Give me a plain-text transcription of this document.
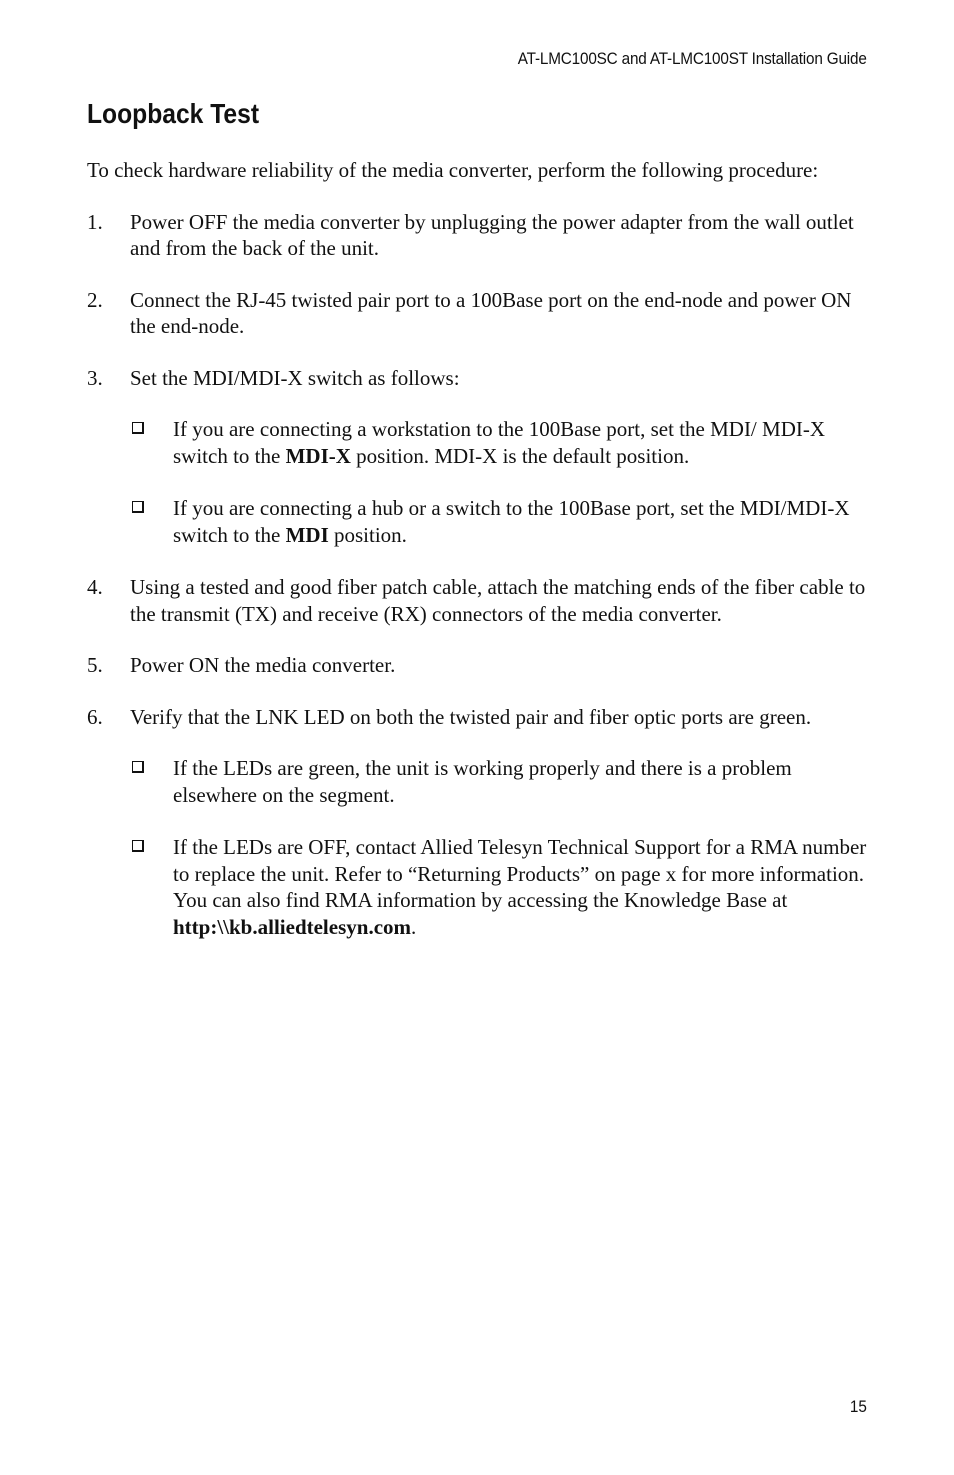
AT-LMC100SC and AT-LMC100ST Installation Guide
Loopback Test

To check hardware reliability of the media converter, perform the following procedure:

1. Power OFF the media converter by unplugging the power adapter from the wall outlet and from the back of the unit.

2. Connect the RJ-45 twisted pair port to a 100Base port on the end-node and power ON the end-node.

3. Set the MDI/MDI-X switch as follows:

If you are connecting a workstation to the 100Base port, set the MDI/ MDI-X switch to the MDI-X position. MDI-X is the default position.

If you are connecting a hub or a switch to the 100Base port, set the MDI/MDI-X switch to the MDI position.

4. Using a tested and good fiber patch cable, attach the matching ends of the fiber cable to the transmit (TX) and receive (RX) connectors of the media converter.

5. Power ON the media converter.

6. Verify that the LNK LED on both the twisted pair and fiber optic ports are green.

If the LEDs are green, the unit is working properly and there is a problem elsewhere on the segment.

If the LEDs are OFF, contact Allied Telesyn Technical Support for a RMA number to replace the unit. Refer to “Returning Products” on page x for more information. You can also find RMA information by accessing the Knowledge Base at http:\\kb.alliedtelesyn.com.

15
